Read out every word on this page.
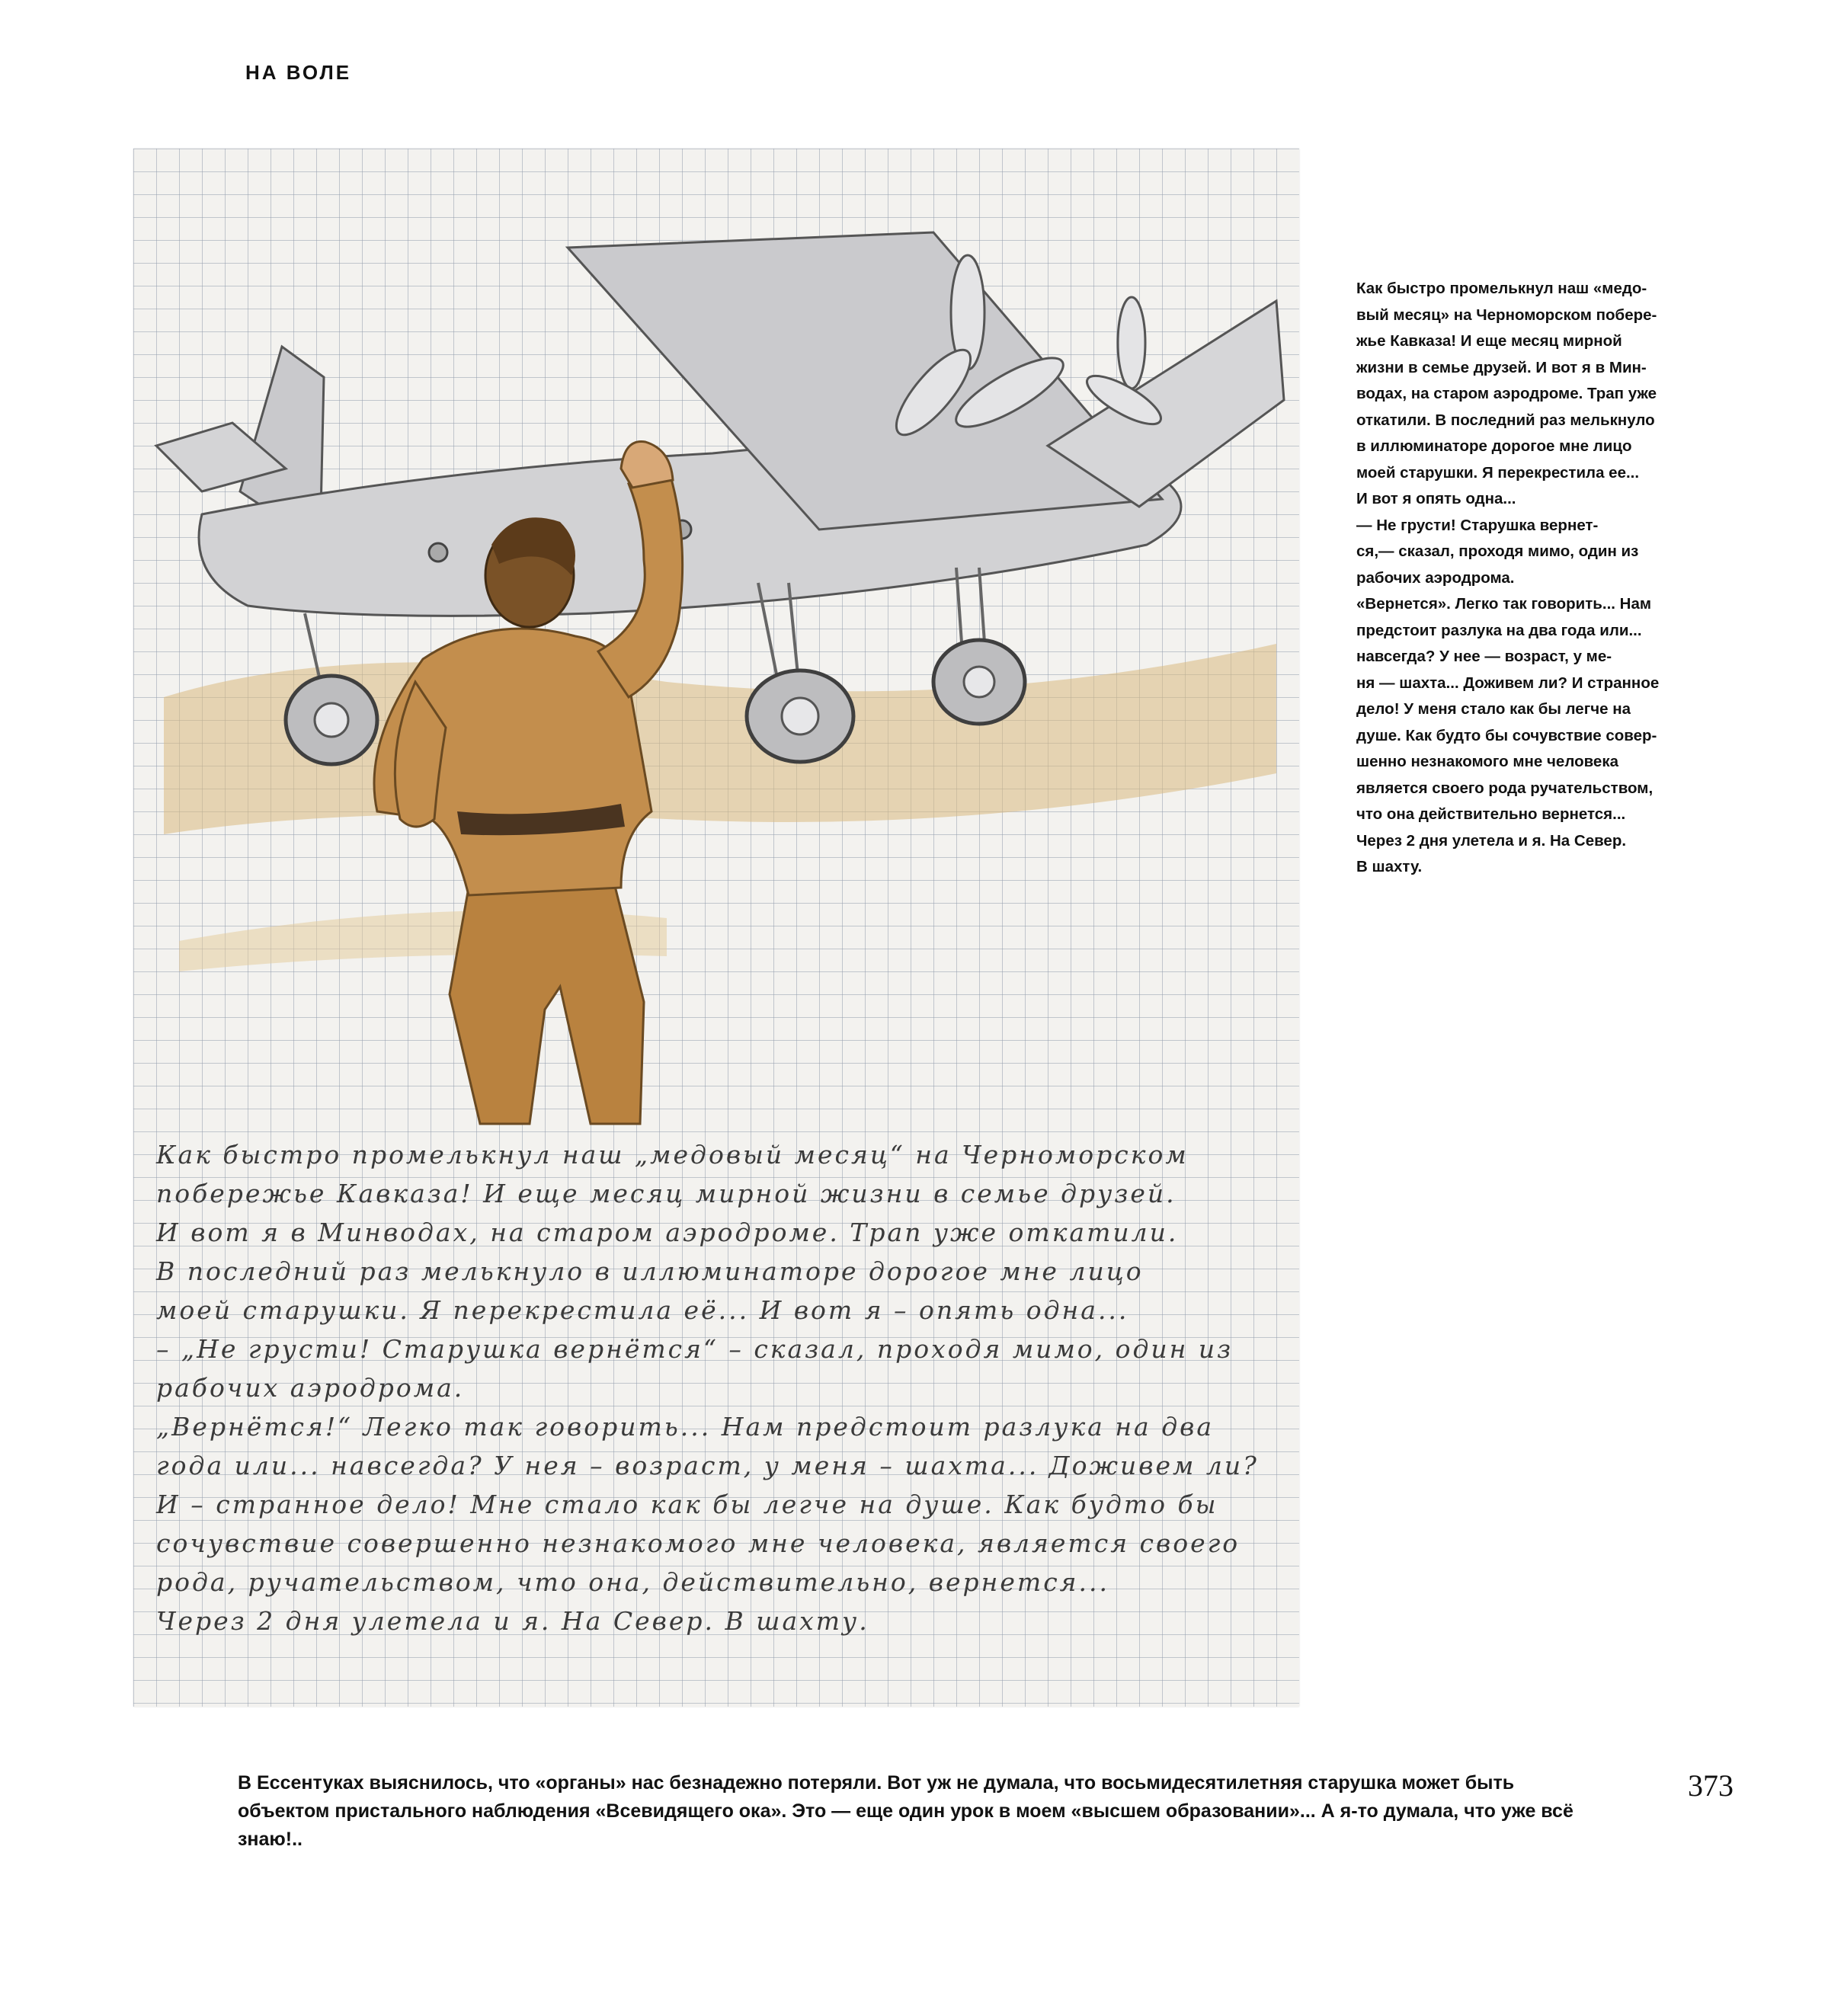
НА ВОЛЕ

Как быстро промелькнул наш „медовый месяц“ на Черноморском

побережье Кавказа! И еще месяц мирной жизни в семье друзей.

И вот я в Минводах, на старом аэродроме. Трап уже откатили.

В последний раз мелькнуло в иллюминаторе дорогое мне лицо

моей старушки. Я перекрестила её... И вот я – опять одна...

– „Не грусти! Старушка вернётся“ – сказал, проходя мимо, один из

рабочих аэродрома.

„Вернётся!“ Легко так говорить... Нам предстоит разлука на два

года или... навсегда? У нея – возраст, у меня – шахта... Доживем ли?

И – странное дело! Мне стало как бы легче на душе. Как будто бы

сочувствие совершенно незнакомого мне человека, является своего

рода, ручательством, что она, действительно, вернется...

Через 2 дня улетела и я. На Север. В шахту.

Как быстро промелькнул наш «медо-

вый месяц» на Черноморском побере-

жье Кавказа! И еще месяц мирной

жизни в семье друзей. И вот я в Мин-

водах, на старом аэродроме. Трап уже

откатили. В последний раз мелькнуло

в иллюминаторе дорогое мне лицо

моей старушки. Я перекрестила ее...

И вот я опять одна...

— Не грусти! Старушка вернет-

ся,— сказал, проходя мимо, один из

рабочих аэродрома.

«Вернется». Легко так говорить... Нам

предстоит разлука на два года или...

навсегда? У нее — возраст, у ме-

ня — шахта... Доживем ли? И странное

дело! У меня стало как бы легче на

душе. Как будто бы сочувствие совер-

шенно незнакомого мне человека

является своего рода ручательством,

что она действительно вернется...

Через 2 дня улетела и я. На Север.

В шахту.

В Ессентуках выяснилось, что «органы» нас безнадежно потеряли. Вот уж не думала, что восьмидесятилетняя старушка может быть объектом пристального наблюдения «Всевидящего ока». Это — еще один урок в моем «высшем образовании»... А я-то думала, что уже всё знаю!..
373
